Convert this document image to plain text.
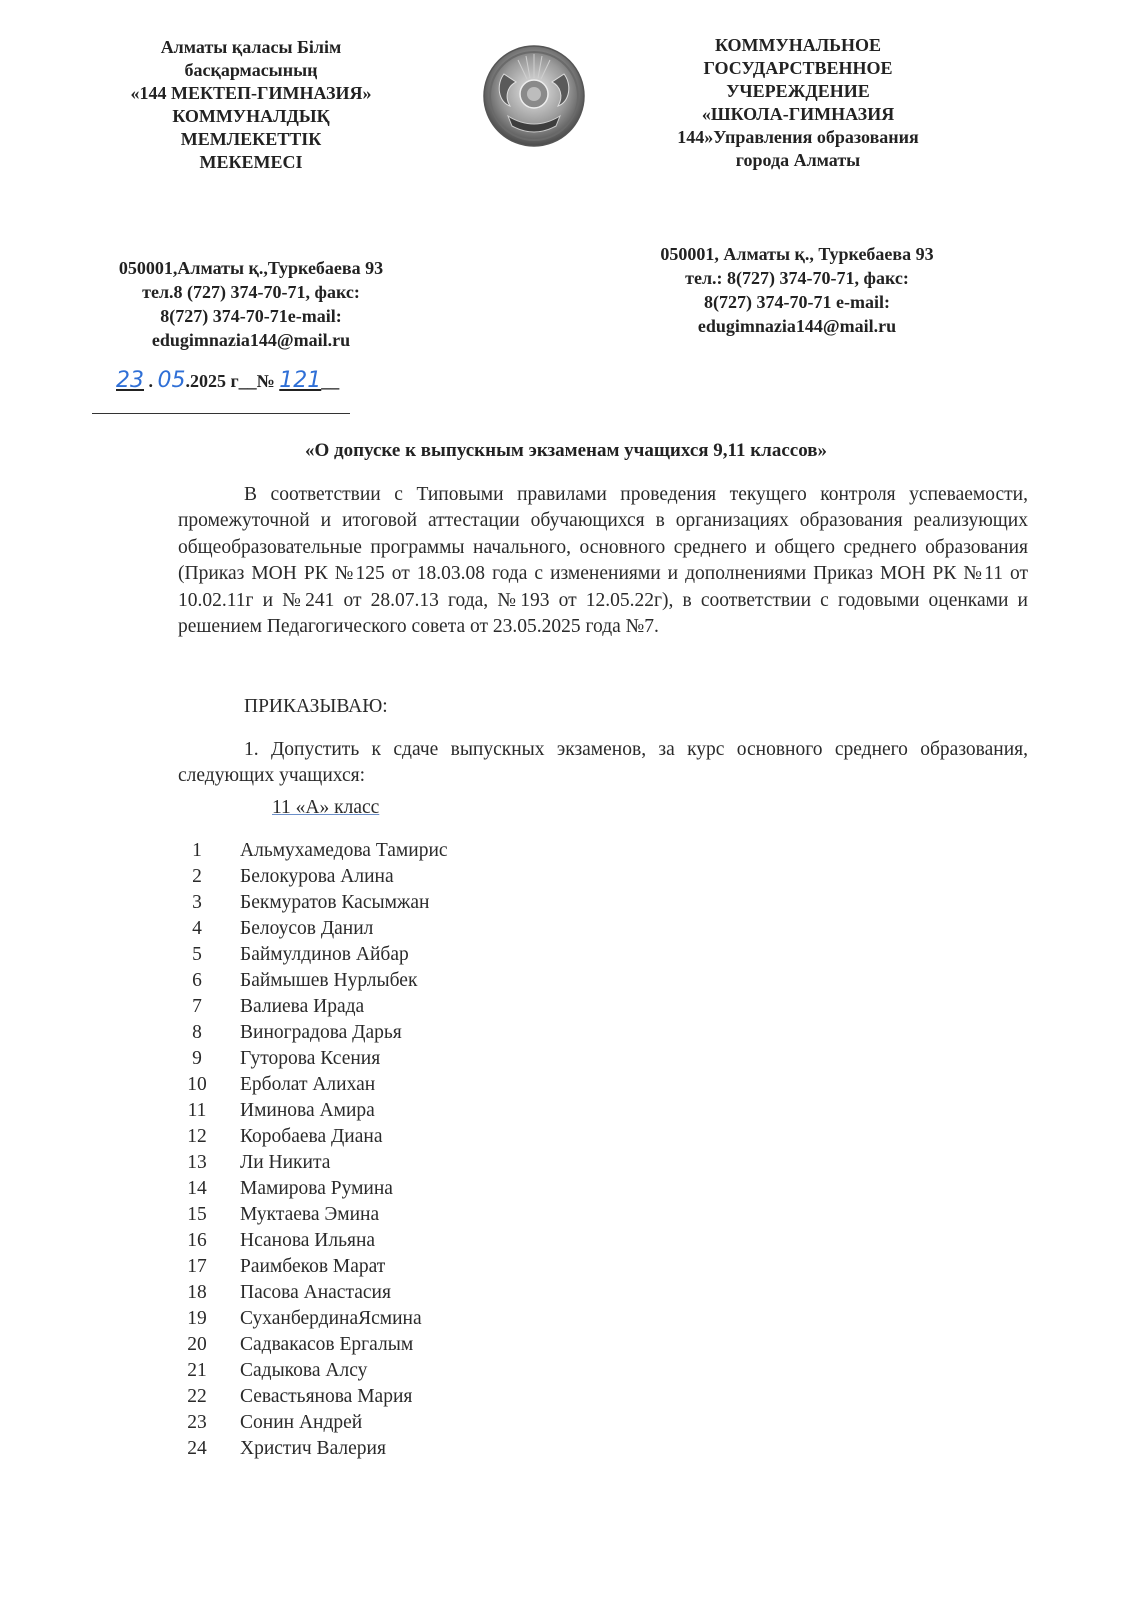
Алматы қаласы Білім
басқармасының
«144 МЕКТЕП-ГИМНАЗИЯ»
КОММУНАЛДЫҚ
МЕМЛЕКЕТТІК
МЕКЕМЕСІ
КОММУНАЛЬНОЕ
ГОСУДАРСТВЕННОЕ
УЧЕРЕЖДЕНИЕ
«ШКОЛА-ГИМНАЗИЯ
144»Управления образования
города Алматы
050001,Алматы қ.,Туркебаева 93
тел.8 (727) 374-70-71, факс:
8(727) 374-70-71e-mail:
edugimnazia144@mail.ru
050001, Алматы қ., Туркебаева 93
тел.: 8(727) 374-70-71, факс:
8(727) 374-70-71 e-mail:
edugimnazia144@mail.ru
23 . 05.2025 г__№ 121__
«О допуске к выпускным экзаменам учащихся 9,11 классов»
В соответствии с Типовыми правилами проведения текущего контроля успеваемости, промежуточной и итоговой аттестации обучающихся в организациях образования реализующих общеобразовательные программы начального, основного среднего и общего среднего образования (Приказ МОН РК №125 от 18.03.08 года с изменениями и дополнениями Приказ МОН РК №11 от 10.02.11г и №241 от 28.07.13 года, №193 от 12.05.22г), в соответствии с годовыми оценками и решением Педагогического совета от 23.05.2025 года №7.
ПРИКАЗЫВАЮ:
1. Допустить к сдаче выпускных экзаменов, за курс основного среднего образования, следующих учащихся:
11 «А» класс
1	Альмухамедова Тамирис
2	Белокурова Алина
3	Бекмуратов Касымжан
4	Белоусов Данил
5	Баймулдинов Айбар
6	Баймышев Нурлыбек
7	Валиева Ирада
8	Виноградова Дарья
9	Гуторова Ксения
10	Ерболат Алихан
11	Иминова Амира
12	Коробаева Диана
13	Ли Никита
14	Мамирова Румина
15	Муктаева Эмина
16	Нсанова Ильяна
17	Раимбеков Марат
18	Пасова Анастасия
19	СуханбердинаЯсмина
20	Садвакасов Ергалым
21	Садыкова Алсу
22	Севастьянова Мария
23	Сонин Андрей
24	Христич Валерия
